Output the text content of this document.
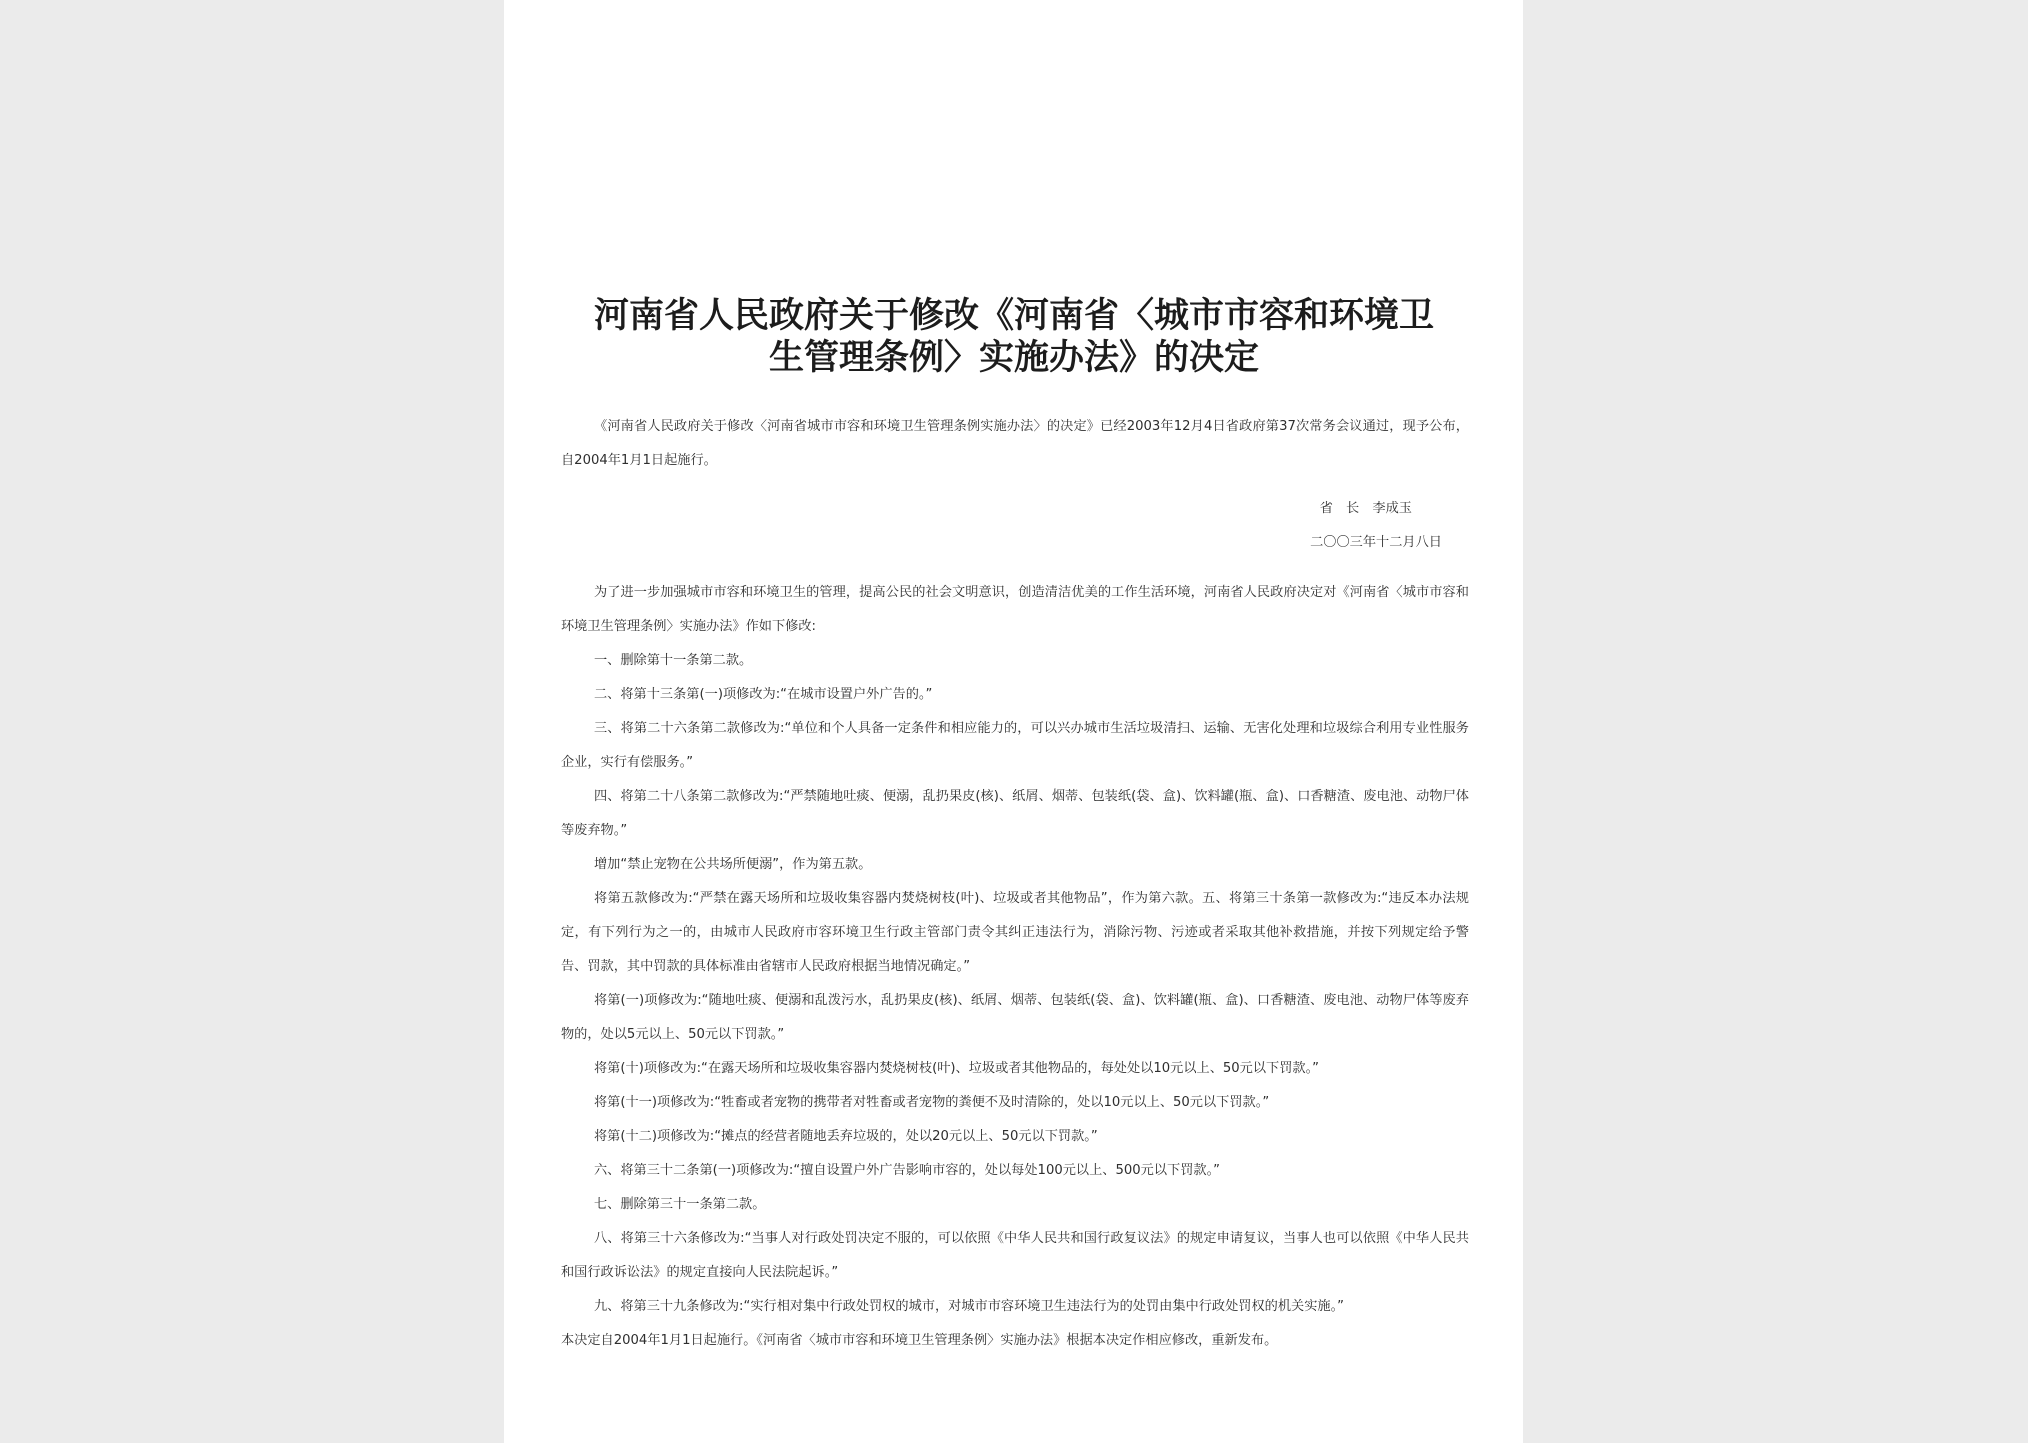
河南省人民政府关于修改《河南省〈城市市容和环境卫
生管理条例〉实施办法》的决定

《河南省人民政府关于修改〈河南省城市市容和环境卫生管理条例实施办法〉的决定》已经2003年12月4日省政府第37次常务会议通过，现予公布，自2004年1月1日起施行。

省　长　李成玉

二〇〇三年十二月八日

为了进一步加强城市市容和环境卫生的管理，提高公民的社会文明意识，创造清洁优美的工作生活环境，河南省人民政府决定对《河南省〈城市市容和环境卫生管理条例〉实施办法》作如下修改:

一、删除第十一条第二款。

二、将第十三条第(一)项修改为:“在城市设置户外广告的。”

三、将第二十六条第二款修改为:“单位和个人具备一定条件和相应能力的，可以兴办城市生活垃圾清扫、运输、无害化处理和垃圾综合利用专业性服务企业，实行有偿服务。”

四、将第二十八条第二款修改为:“严禁随地吐痰、便溺，乱扔果皮(核)、纸屑、烟蒂、包装纸(袋、盒)、饮料罐(瓶、盒)、口香糖渣、废电池、动物尸体等废弃物。”

增加“禁止宠物在公共场所便溺”，作为第五款。

将第五款修改为:“严禁在露天场所和垃圾收集容器内焚烧树枝(叶)、垃圾或者其他物品”，作为第六款。五、将第三十条第一款修改为:“违反本办法规定，有下列行为之一的，由城市人民政府市容环境卫生行政主管部门责令其纠正违法行为，消除污物、污迹或者采取其他补救措施，并按下列规定给予警告、罚款，其中罚款的具体标准由省辖市人民政府根据当地情况确定。”

将第(一)项修改为:“随地吐痰、便溺和乱泼污水，乱扔果皮(核)、纸屑、烟蒂、包装纸(袋、盒)、饮料罐(瓶、盒)、口香糖渣、废电池、动物尸体等废弃物的，处以5元以上、50元以下罚款。”

将第(十)项修改为:“在露天场所和垃圾收集容器内焚烧树枝(叶)、垃圾或者其他物品的，每处处以10元以上、50元以下罚款。”

将第(十一)项修改为:“牲畜或者宠物的携带者对牲畜或者宠物的粪便不及时清除的，处以10元以上、50元以下罚款。”

将第(十二)项修改为:“摊点的经营者随地丢弃垃圾的，处以20元以上、50元以下罚款。”

六、将第三十二条第(一)项修改为:“擅自设置户外广告影响市容的，处以每处100元以上、500元以下罚款。”

七、删除第三十一条第二款。

八、将第三十六条修改为:“当事人对行政处罚决定不服的，可以依照《中华人民共和国行政复议法》的规定申请复议，当事人也可以依照《中华人民共和国行政诉讼法》的规定直接向人民法院起诉。”

九、将第三十九条修改为:“实行相对集中行政处罚权的城市，对城市市容环境卫生违法行为的处罚由集中行政处罚权的机关实施。”

本决定自2004年1月1日起施行。《河南省〈城市市容和环境卫生管理条例〉实施办法》根据本决定作相应修改，重新发布。
